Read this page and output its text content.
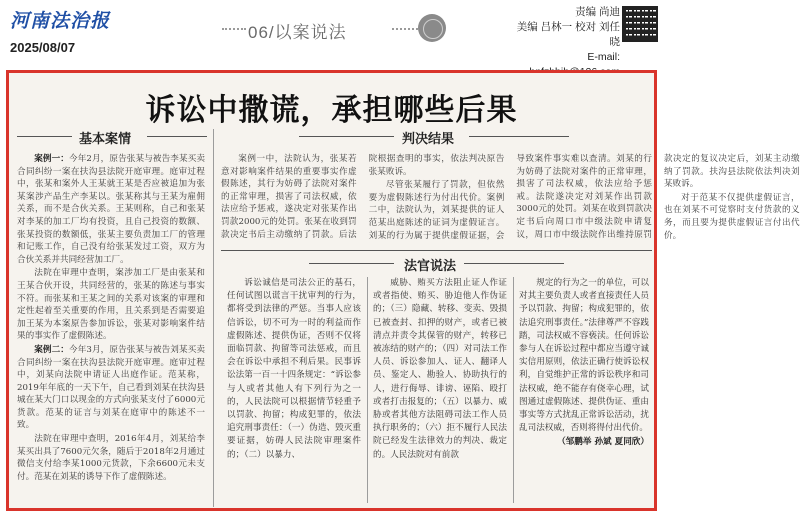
河南法治报
2025/08/07
06/以案说法
责编 尚迪
美编 吕林一 校对 刘任晓
E-mail:
诉讼中撒谎，承担哪些后果
基本案情

案例一：今年2月，原告张某与被告李某买卖合同纠纷一案在扶沟县法院开庭审理。庭审过程中，张某和案外人王某就王某是否应被追加为张某案涉产品生产李某以。张某称其与王某为雇佣关系，而不是合伙关系。王某则称，自己和张某对李某的加工厂均有投资，且自己投资的数额、张某投资的数额低，张某主要负责加工厂的管理和记账工作，自己没有给张某发过工资，双方为合伙关系并共同经营加工厂。

法院在审理中查明，案涉加工厂是由张某和王某合伙开设，共同经营的，张某的陈述与事实不符。而张某和王某之间的关系对该案的审理和定性起着至关重要的作用，且关系到是否需要追加王某为本案原告参加诉讼，张某对影响案件结果的事实作了虚假陈述。

案例二：今年3月，原告张某与被告刘某买卖合同纠纷一案在扶沟县法院开庭审理。庭审过程中，刘某向法院申请证人出庭作证。范某称，2019年年底的一天下午，自己看到刘某在扶沟县城在某大门口以现金的方式向张某支付了6000元货款。范某的证言与刘某在庭审中的陈述不一致。

法院在审理中查明，2016年4月，刘某给李某买出具了7600元欠条，随后于2018年2月通过微信支付给李某1000元货款，下余6600元未支付。范某在刘某的诱导下作了虚假陈述。

判决结果

案例一中，法院认为，张某若意对影响案件结果的重要事实作虚假陈述，其行为妨碍了法院对案件的正常审理，损害了司法权威，依法应给予惩戒，遂决定对张某作出罚款2000元的处罚。张某在收到罚款决定书后主动缴纳了罚款。后法院根据查明的事实，依法判决原告张某败诉。

尽管张某履行了罚款，但依然要为虚假陈述行为付出代价。案例二中，法院认为，刘某提供的证人范某出庭陈述的证词为虚假证言。刘某的行为属于提供虚假证据，会导致案件事实难以查清。刘某的行为妨碍了法院对案件的正常审理，损害了司法权威，依法应给予惩戒。法院遂决定对刘某作出罚款3000元的处罚。刘某在收到罚款决定书后向周口市中级法院申请复议，周口市中级法院作出维持原罚款决定的复议决定后，刘某主动缴纳了罚款。扶沟县法院依法判决刘某败诉。

对于范某不仅提供虚假证言，也在刘某不可觉察时支付货款的义务，而且要为提供虚假证言付出代价。

法官说法

诉讼诚信是司法公正的基石，任何试图以谎言干扰审判的行为，都将受到法律的严惩。当事人应该信诉讼，切不可为一时的利益而作虚假陈述、提供伪证，否则不仅将面临罚款、拘留等司法惩戒，而且会在诉讼中承担不利后果。民事诉讼法第一百一十四条规定：“诉讼参与人或者其他人有下列行为之一的，人民法院可以根据情节轻重予以罚款、拘留；构成犯罪的，依法追究刑事责任：（一）伪造、毁灭重要证据，妨碍人民法院审理案件的；（二）以暴力、

威胁、贿买方法阻止证人作证或者指使、贿买、胁迫他人作伪证的；（三）隐藏、转移、变卖、毁损已被查封、扣押的财产，或者已被清点并责令其保管的财产，转移已被冻结的财产的；（四）对司法工作人员、诉讼参加人、证人、翻译人员、鉴定人、勘验人、协助执行的人，进行侮辱、诽谤、诬陷、殴打或者打击报复的；（五）以暴力、威胁或者其他方法阻碍司法工作人员执行职务的；（六）拒不履行人民法院已经发生法律效力的判决、裁定的。人民法院对有前款

规定的行为之一的单位，可以对其主要负责人或者直接责任人员予以罚款、拘留；构成犯罪的，依法追究刑事责任。”法律尊严不容践踏，司法权威不容亵渎。任何诉讼参与人在诉讼过程中都应当遵守诚实信用原则，依法正确行使诉讼权利，自觉维护正常的诉讼秩序和司法权威，绝不能存有侥幸心理，试图通过虚假陈述、提供伪证、重由事实等方式扰乱正常诉讼活动，扰乱司法权威，否则将得付出代价。

（邹鹏举 孙斌 夏同欣）
